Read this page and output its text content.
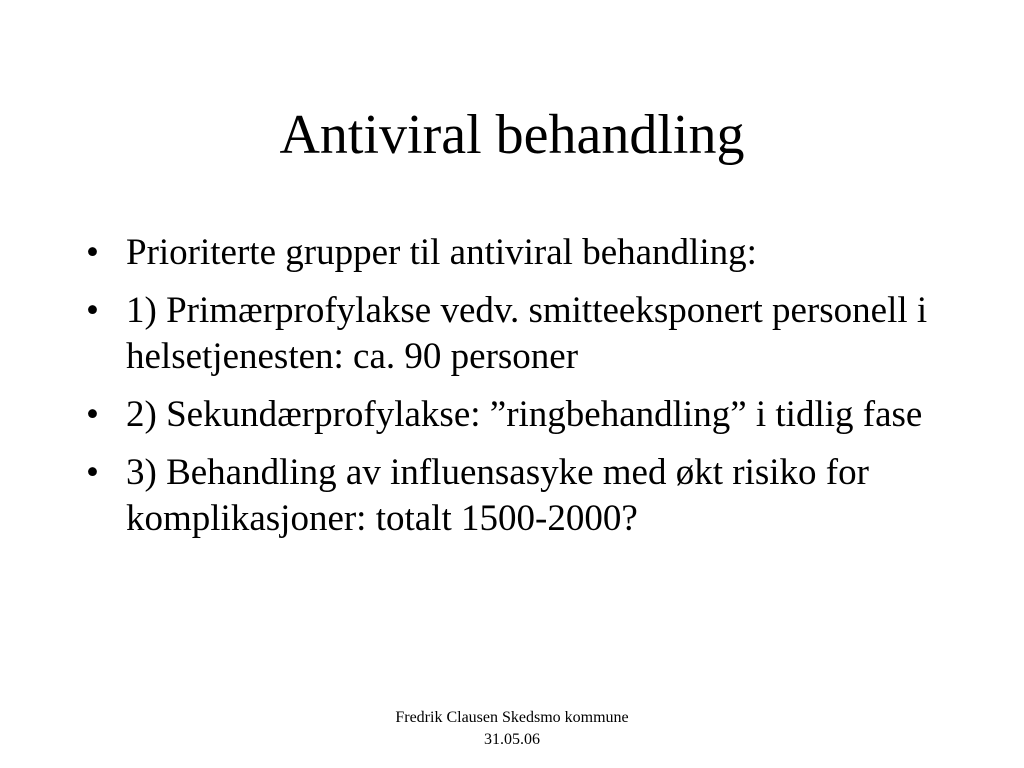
Antiviral behandling
• Prioriterte grupper til antiviral behandling:
• 1) Primærprofylakse vedv. smitteeksponert personell i helsetjenesten: ca. 90 personer
• 2) Sekundærprofylakse: ”ringbehandling” i tidlig fase
• 3) Behandling av influensasyke med økt risiko for komplikasjoner: totalt 1500-2000?
Fredrik Clausen Skedsmo kommune
31.05.06
